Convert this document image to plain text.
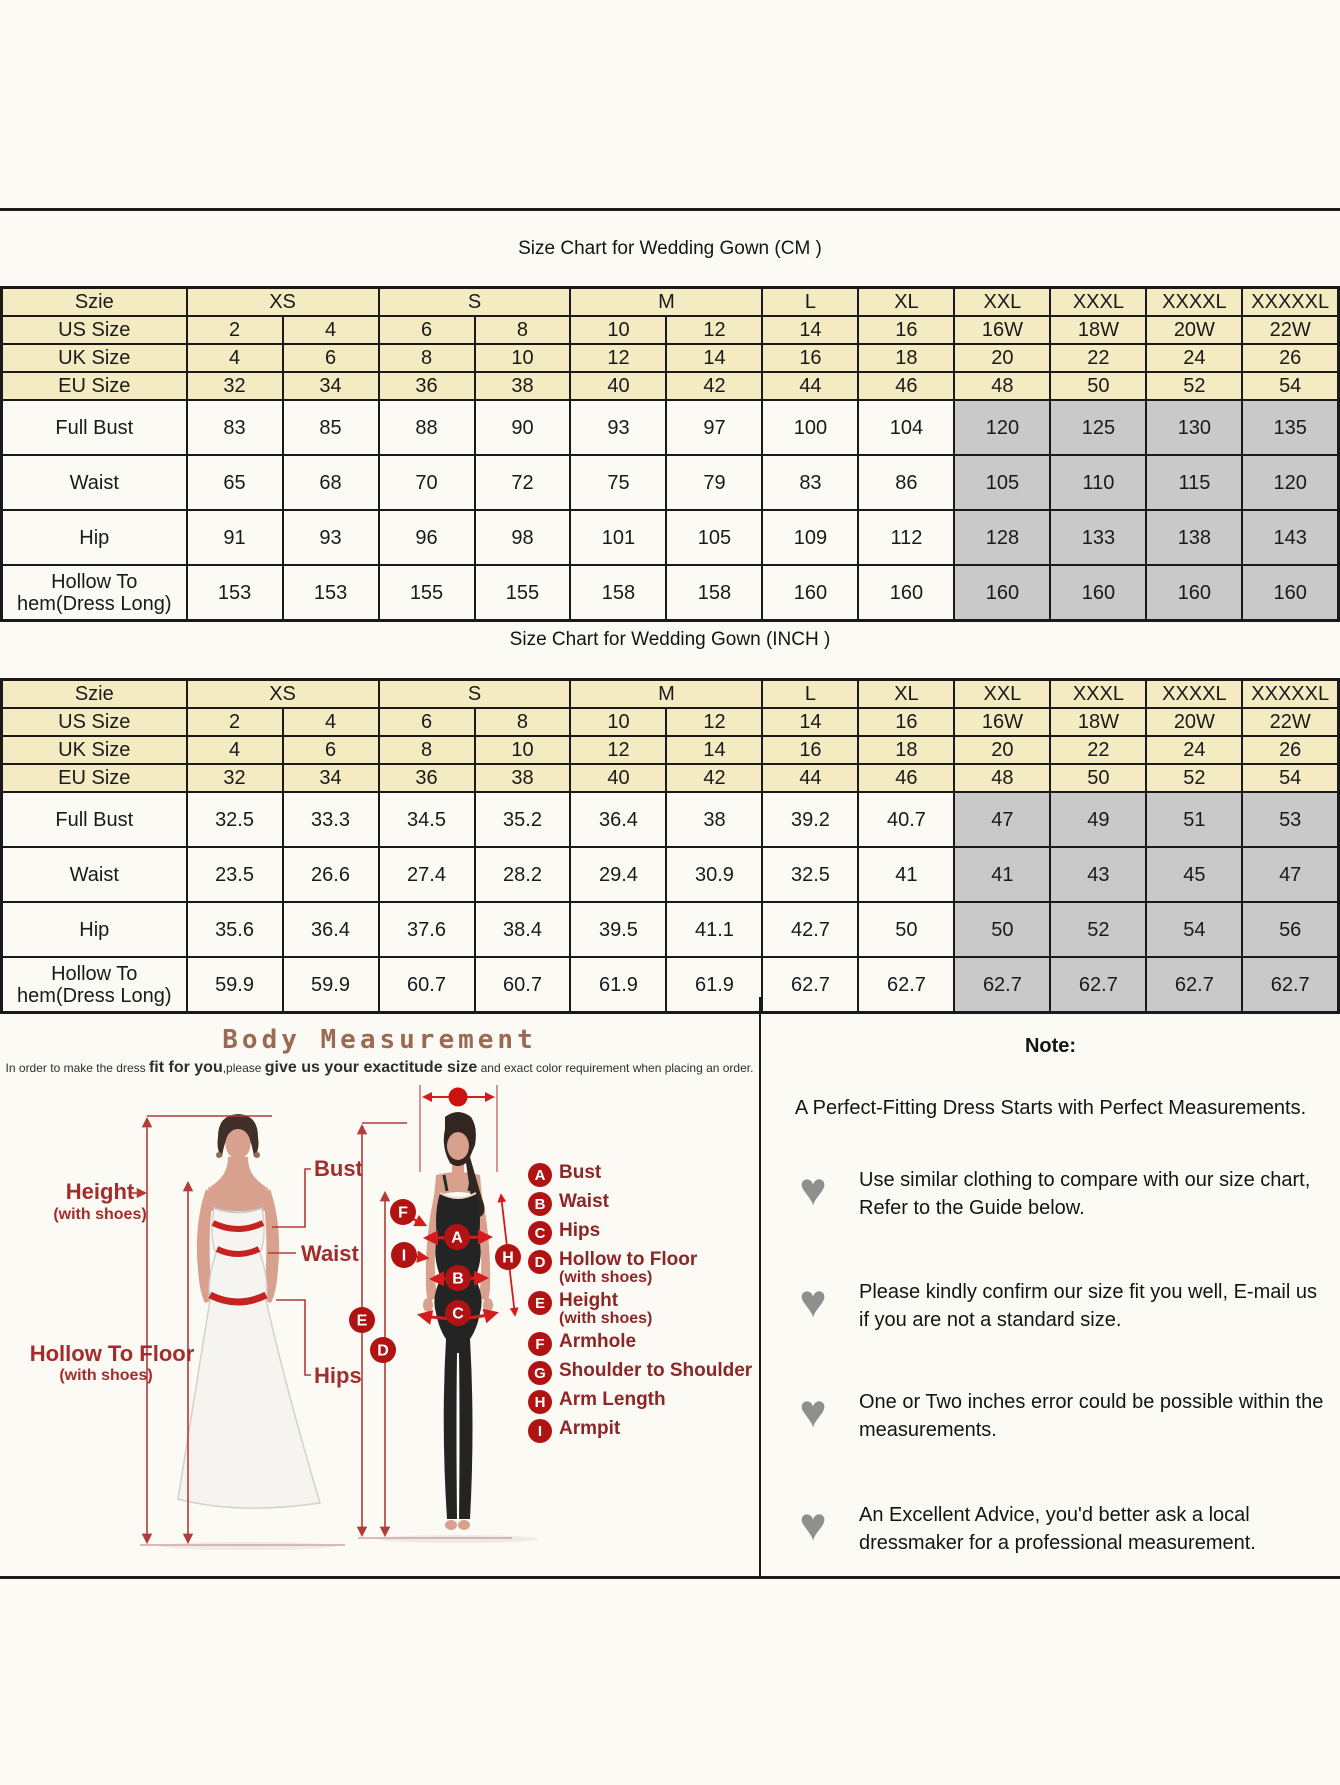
Size Chart for Wedding Gown (CM )
Szie	XS		S		M		L	XL	XXL	XXXL	XXXXL	XXXXXL
US Size	2	4	6	8	10	12	14	16	16W	18W	20W	22W
UK Size	4	6	8	10	12	14	16	18	20	22	24	26
EU Size	32	34	36	38	40	42	44	46	48	50	52	54
Full Bust	83	85	88	90	93	97	100	104	120	125	130	135
Waist	65	68	70	72	75	79	83	86	105	110	115	120
Hip	91	93	96	98	101	105	109	112	128	133	138	143
Hollow To hem(Dress Long)	153	153	155	155	158	158	160	160	160	160	160	160
Size Chart for Wedding Gown (INCH )
Szie	XS		S		M		L	XL	XXL	XXXL	XXXXL	XXXXXL
US Size	2	4	6	8	10	12	14	16	16W	18W	20W	22W
UK Size	4	6	8	10	12	14	16	18	20	22	24	26
EU Size	32	34	36	38	40	42	44	46	48	50	52	54
Full Bust	32.5	33.3	34.5	35.2	36.4	38	39.2	40.7	47	49	51	53
Waist	23.5	26.6	27.4	28.2	29.4	30.9	32.5	41	41	43	45	47
Hip	35.6	36.4	37.6	38.4	39.5	41.1	42.7	50	50	52	54	56
Hollow To hem(Dress Long)	59.9	59.9	60.7	60.7	61.9	61.9	62.7	62.7	62.7	62.7	62.7	62.7
Body Measurement
In order to make the dress fit for you,please give us your exactitude size and exact color requirement when placing an order.
Height
(with shoes)
Bust
Waist
Hips
Hollow To Floor
(with shoes)
A
B
C
D
E
F
H
I
A Bust
B Waist
C Hips
D Hollow to Floor
(with shoes)
E Height
(with shoes)
F Armhole
G Shoulder to Shoulder
H Arm Length
I Armpit
Note:
A Perfect-Fitting Dress Starts with Perfect Measurements.
♥	Use similar clothing to compare with our size chart, Refer to the Guide below.
♥	Please kindly confirm our size fit you well, E-mail us if you are not a standard size.
♥	One or Two inches error could be possible within the measurements.
♥	An Excellent Advice, you'd better ask a local dressmaker for a professional measurement.
